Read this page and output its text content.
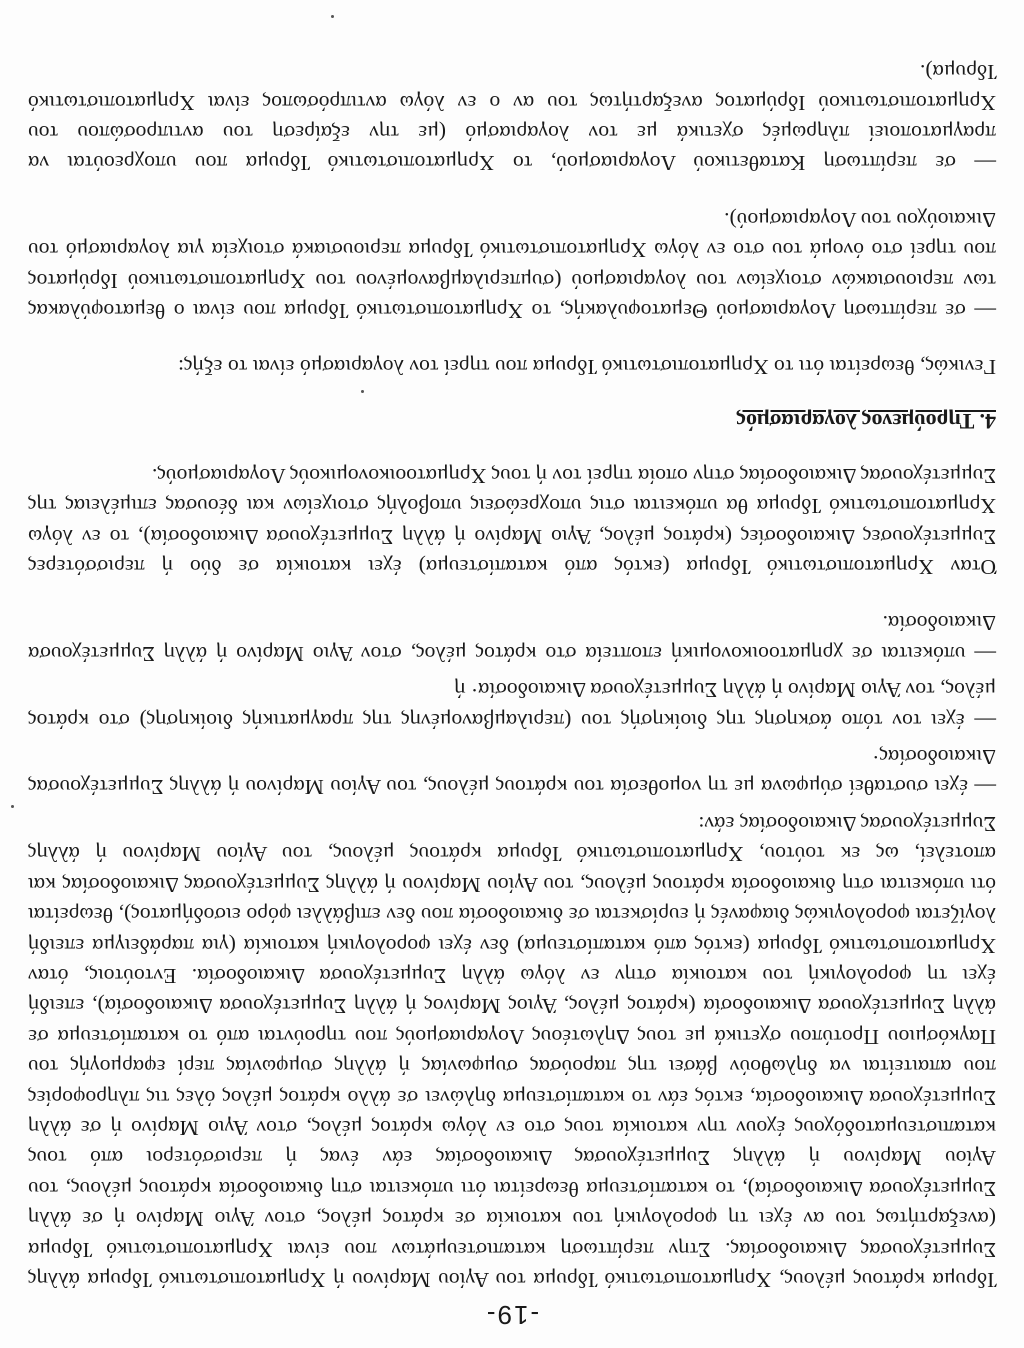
-19-

Ίδρυμα κράτους μέλους, Χρηματοπιστωτικό Ίδρυμα του Αγίου Μαρίνου ή Χρηματοπιστωτικό Ίδρυμα άλλης Συμμετέχουσας Δικαιοδοσίας. Στην περίπτωση καταπιστευμάτων που είναι Χρηματοπιστωτικό Ίδρυμα (ανεξαρτήτως του αν έχει τη φορολογική του κατοικία σε κράτος μέλος, στον Άγιο Μαρίνο ή σε άλλη Συμμετέχουσα Δικαιοδοσία), το καταπίστευμα θεωρείται ότι υπόκειται στη δικαιοδοσία κράτους μέλους, του Αγίου Μαρίνου ή άλλης Συμμετέχουσας Δικαιοδοσίας εάν ένας ή περισσότεροι από τους καταπιστευματοδόχους έχουν την κατοικία τους στο εν λόγω κράτος μέλος, στον Άγιο Μαρίνο ή σε άλλη Συμμετέχουσα Δικαιοδοσία, εκτός εάν το καταπίστευμα δηλώνει σε άλλο κράτος μέλος όλες τις πληροφορίες που απαιτείται να δηλωθούν βάσει της παρούσας συμφωνίας ή άλλης συμφωνίας περί εφαρμογής του Παγκόσμιου Προτύπου σχετικά με τους Δηλωτέους Λογαριασμούς που τηρούνται από το καταπίστευμα σε άλλη Συμμετέχουσα Δικαιοδοσία (κράτος μέλος, Άγιος Μαρίνος ή άλλη Συμμετέχουσα Δικαιοδοσία), επειδή έχει τη φορολογική του κατοικία στην εν λόγω άλλη Συμμετέχουσα Δικαιοδοσία. Εντούτοις, όταν Χρηματοπιστωτικό Ίδρυμα (εκτός από καταπίστευμα) δεν έχει φορολογική κατοικία (για παράδειγμα επειδή λογίζεται φορολογικώς διαφανές ή ευρίσκεται σε δικαιοδοσία που δεν επιβάλλει φόρο εισοδήματος), θεωρείται ότι υπόκειται στη δικαιοδοσία κράτους μέλους, του Αγίου Μαρίνου ή άλλης Συμμετέχουσας Δικαιοδοσίας και αποτελεί, ως εκ τούτου, Χρηματοπιστωτικό Ίδρυμα κράτους μέλους, του Αγίου Μαρίνου ή άλλης Συμμετέχουσας Δικαιοδοσίας εάν:

— έχει συσταθεί σύμφωνα με τη νομοθεσία του κράτους μέλους, του Αγίου Μαρίνου ή άλλης Συμμετέχουσας Δικαιοδοσίας·

— έχει τον τόπο άσκησης της διοίκησής του (περιλαμβανομένης της πραγματικής διοίκησης) στο κράτος μέλος, τον Άγιο Μαρίνο ή άλλη Συμμετέχουσα Δικαιοδοσία· ή

— υπόκειται σε χρηματοοικονομική εποπτεία στο κράτος μέλος, στον Άγιο Μαρίνο ή άλλη Συμμετέχουσα Δικαιοδοσία.

Όταν Χρηματοπιστωτικό Ίδρυμα (εκτός από καταπίστευμα) έχει κατοικία σε δύο ή περισσότερες Συμμετέχουσες Δικαιοδοσίες (κράτος μέλος, Άγιο Μαρίνο ή άλλη Συμμετέχουσα Δικαιοδοσία), το εν λόγω Χρηματοπιστωτικό Ίδρυμα θα υπόκειται στις υποχρεώσεις υποβολής στοιχείων και δέουσας επιμέλειας της Συμμετέχουσας Δικαιοδοσίας στην οποία τηρεί τον ή τους Χρηματοοικονομικούς Λογαριασμούς.

4. Τηρούμενος λογαριασμός

Γενικώς, θεωρείται ότι το Χρηματοπιστωτικό Ίδρυμα που τηρεί τον λογαριασμό είναι το εξής:

— σε περίπτωση Λογαριασμού Θεματοφυλακής, το Χρηματοπιστωτικό Ίδρυμα που είναι ο θεματοφύλακας των περιουσιακών στοιχείων του λογαριασμού (συμπεριλαμβανομένου του Χρηματοπιστωτικού Ιδρύματος που τηρεί στο όνομά του στο εν λόγω Χρηματοπιστωτικό Ίδρυμα περιουσιακά στοιχεία για λογαριασμό του Δικαιούχου του Λογαριασμού).

— σε περίπτωση Καταθετικού Λογαριασμού, το Χρηματοπιστωτικό Ίδρυμα που υποχρεούται να πραγματοποιεί πληρωμές σχετικά με τον λογαριασμό (με την εξαίρεση του αντιπροσώπου του Χρηματοπιστωτικού Ιδρύματος ανεξαρτήτως του αν ο εν λόγω αντιπρόσωπος είναι Χρηματοπιστωτικό Ίδρυμα).
